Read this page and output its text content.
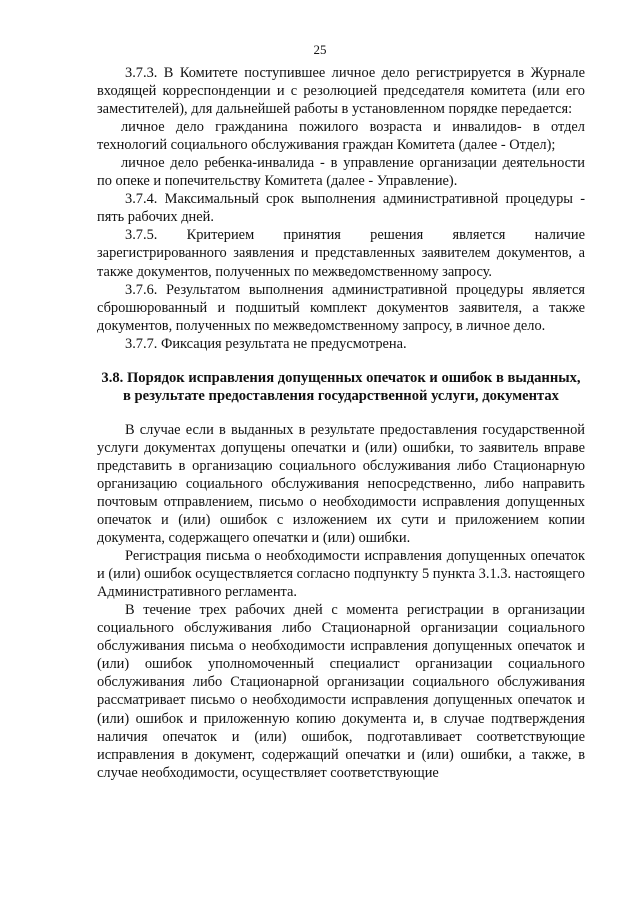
25

3.7.3. В Комитете поступившее личное дело регистрируется в Журнале входящей корреспонденции и с резолюцией председателя комитета (или его заместителей), для дальнейшей работы в установленном порядке передается:

личное дело гражданина пожилого возраста и инвалидов- в отдел технологий социального обслуживания граждан Комитета (далее - Отдел);

личное дело ребенка-инвалида - в управление организации деятельности по опеке и попечительству Комитета (далее - Управление).

3.7.4. Максимальный срок выполнения административной процедуры - пять рабочих дней.

3.7.5. Критерием принятия решения является наличие зарегистрированного заявления и представленных заявителем документов, а также документов, полученных по межведомственному запросу.

3.7.6. Результатом выполнения административной процедуры является сброшюрованный и подшитый комплект документов заявителя, а также документов, полученных по межведомственному запросу, в личное дело.

3.7.7. Фиксация результата не предусмотрена.

3.8. Порядок исправления допущенных опечаток и ошибок в выданных, в результате предоставления государственной услуги, документах

В случае если в выданных в результате предоставления государственной услуги документах допущены опечатки и (или) ошибки, то заявитель вправе представить в организацию социального обслуживания либо Стационарную организацию социального обслуживания непосредственно, либо направить почтовым отправлением, письмо о необходимости исправления допущенных опечаток и (или) ошибок с изложением их сути и приложением копии документа, содержащего опечатки и (или) ошибки.

Регистрация письма о необходимости исправления допущенных опечаток и (или) ошибок осуществляется согласно подпункту 5 пункта 3.1.3. настоящего Административного регламента.

В течение трех рабочих дней с момента регистрации в организации социального обслуживания либо Стационарной организации социального обслуживания письма о необходимости исправления допущенных опечаток и (или) ошибок уполномоченный специалист организации социального обслуживания либо Стационарной организации социального обслуживания рассматривает письмо о необходимости исправления допущенных опечаток и (или) ошибок и приложенную копию документа и, в случае подтверждения наличия опечаток и (или) ошибок, подготавливает соответствующие исправления в документ, содержащий опечатки и (или) ошибки, а также, в случае необходимости, осуществляет соответствующие
